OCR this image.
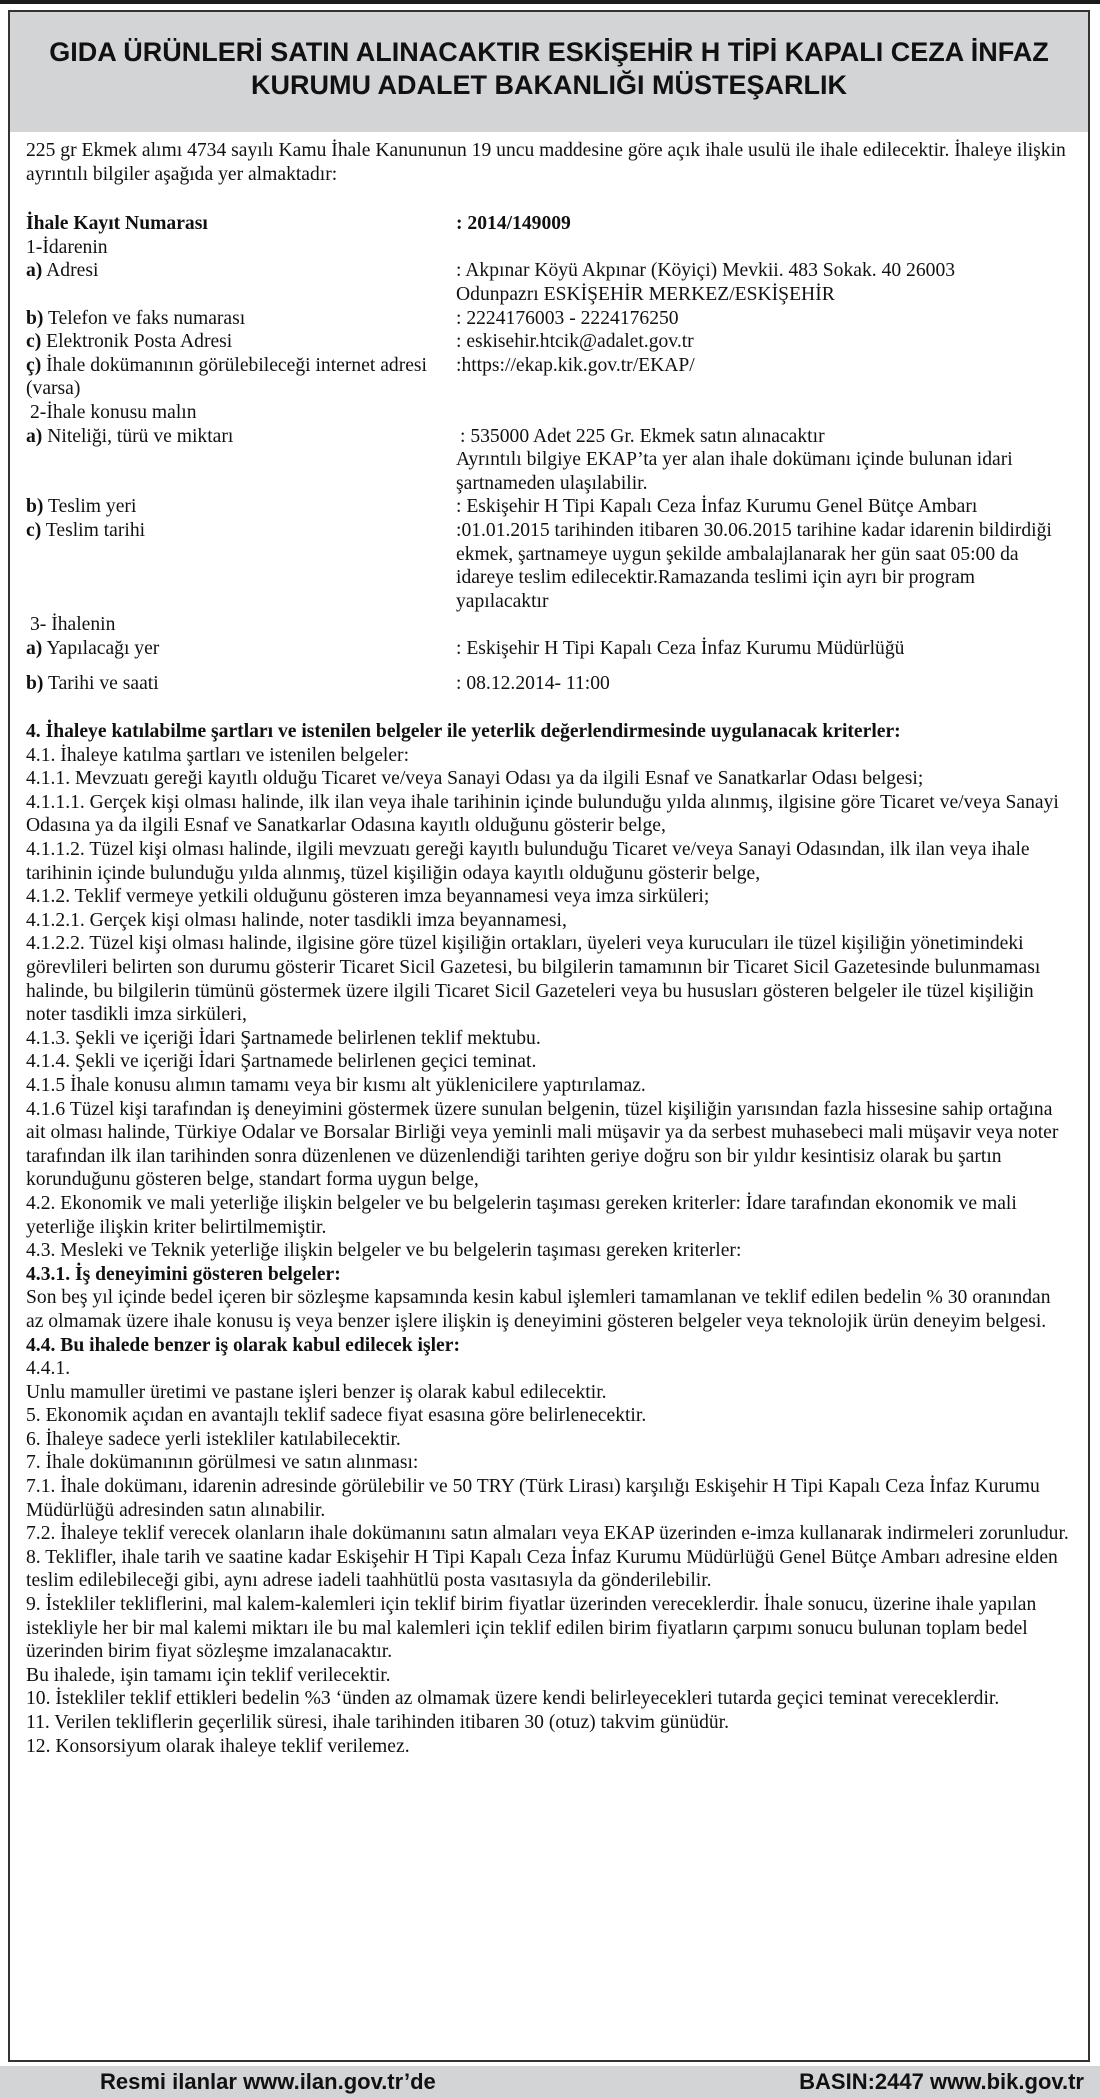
GIDA ÜRÜNLERİ SATIN ALINACAKTIR ESKİŞEHİR H TİPİ KAPALI CEZA İNFAZ
KURUMU ADALET BAKANLIĞI MÜSTEŞARLIK

225 gr Ekmek alımı 4734 sayılı Kamu İhale Kanununun 19 uncu maddesine göre açık ihale usulü ile ihale edilecektir. İhaleye ilişkin ayrıntılı bilgiler aşağıda yer almaktadır:

İhale Kayıt Numarası	: 2014/149009

1-İdarenin

a) Adresi	: Akpınar Köyü Akpınar (Köyiçi) Mevkii. 483 Sokak. 40 26003
Odunpazrı ESKİŞEHİR MERKEZ/ESKİŞEHİR
b) Telefon ve faks numarası	: 2224176003 - 2224176250
c) Elektronik Posta Adresi	: eskisehir.htcik@adalet.gov.tr
ç) İhale dokümanının görülebileceği internet adresi (varsa)
:https://ekap.kik.gov.tr/EKAP/

2-İhale konusu malın

a) Niteliği, türü ve miktarı	: 535000 Adet 225 Gr. Ekmek satın alınacaktır
Ayrıntılı bilgiye EKAP’ta yer alan ihale dokümanı içinde bulunan idari şartnameden ulaşılabilir.
b) Teslim yeri	: Eskişehir H Tipi Kapalı Ceza İnfaz Kurumu Genel Bütçe Ambarı
c) Teslim tarihi	:01.01.2015 tarihinden itibaren 30.06.2015 tarihine kadar idarenin bildirdiği ekmek, şartnameye uygun şekilde ambalajlanarak her gün saat 05:00 da idareye teslim edilecektir.Ramazanda teslimi için ayrı bir program yapılacaktır

3- İhalenin

a) Yapılacağı yer	: Eskişehir H Tipi Kapalı Ceza İnfaz Kurumu Müdürlüğü
b) Tarihi ve saati	: 08.12.2014- 11:00

4. İhaleye katılabilme şartları ve istenilen belgeler ile yeterlik değerlendirmesinde uygulanacak kriterler:

4.1. İhaleye katılma şartları ve istenilen belgeler:

4.1.1. Mevzuatı gereği kayıtlı olduğu Ticaret ve/veya Sanayi Odası ya da ilgili Esnaf ve Sanatkarlar Odası belgesi;

4.1.1.1. Gerçek kişi olması halinde, ilk ilan veya ihale tarihinin içinde bulunduğu yılda alınmış, ilgisine göre Ticaret ve/veya Sanayi Odasına ya da ilgili Esnaf ve Sanatkarlar Odasına kayıtlı olduğunu gösterir belge,

4.1.1.2. Tüzel kişi olması halinde, ilgili mevzuatı gereği kayıtlı bulunduğu Ticaret ve/veya Sanayi Odasından, ilk ilan veya ihale tarihinin içinde bulunduğu yılda alınmış, tüzel kişiliğin odaya kayıtlı olduğunu gösterir belge,

4.1.2. Teklif vermeye yetkili olduğunu gösteren imza beyannamesi veya imza sirküleri;

4.1.2.1. Gerçek kişi olması halinde, noter tasdikli imza beyannamesi,

4.1.2.2. Tüzel kişi olması halinde, ilgisine göre tüzel kişiliğin ortakları, üyeleri veya kurucuları ile tüzel kişiliğin yönetimindeki görevlileri belirten son durumu gösterir Ticaret Sicil Gazetesi, bu bilgilerin tamamının bir Ticaret Sicil Gazetesinde bulunmaması halinde, bu bilgilerin tümünü göstermek üzere ilgili Ticaret Sicil Gazeteleri veya bu hususları gösteren belgeler ile tüzel kişiliğin noter tasdikli imza sirküleri,

4.1.3. Şekli ve içeriği İdari Şartnamede belirlenen teklif mektubu.

4.1.4. Şekli ve içeriği İdari Şartnamede belirlenen geçici teminat.

4.1.5 İhale konusu alımın tamamı veya bir kısmı alt yüklenicilere yaptırılamaz.

4.1.6 Tüzel kişi tarafından iş deneyimini göstermek üzere sunulan belgenin, tüzel kişiliğin yarısından fazla hissesine sahip ortağına ait olması halinde, Türkiye Odalar ve Borsalar Birliği veya yeminli mali müşavir ya da serbest muhasebeci mali müşavir veya noter tarafından ilk ilan tarihinden sonra düzenlenen ve düzenlendiği tarihten geriye doğru son bir yıldır kesintisiz olarak bu şartın korunduğunu gösteren belge, standart forma uygun belge,

4.2. Ekonomik ve mali yeterliğe ilişkin belgeler ve bu belgelerin taşıması gereken kriterler: İdare tarafından ekonomik ve mali yeterliğe ilişkin kriter belirtilmemiştir.

4.3. Mesleki ve Teknik yeterliğe ilişkin belgeler ve bu belgelerin taşıması gereken kriterler:

4.3.1. İş deneyimini gösteren belgeler:

Son beş yıl içinde bedel içeren bir sözleşme kapsamında kesin kabul işlemleri tamamlanan ve teklif edilen bedelin % 30 oranından az olmamak üzere ihale konusu iş veya benzer işlere ilişkin iş deneyimini gösteren belgeler veya teknolojik ürün deneyim belgesi.

4.4. Bu ihalede benzer iş olarak kabul edilecek işler:

4.4.1.

Unlu mamuller üretimi ve pastane işleri benzer iş olarak kabul edilecektir.

5. Ekonomik açıdan en avantajlı teklif sadece fiyat esasına göre belirlenecektir.

6. İhaleye sadece yerli istekliler katılabilecektir.

7. İhale dokümanının görülmesi ve satın alınması:

7.1. İhale dokümanı, idarenin adresinde görülebilir ve 50 TRY (Türk Lirası) karşılığı Eskişehir H Tipi Kapalı Ceza İnfaz Kurumu Müdürlüğü adresinden satın alınabilir.

7.2. İhaleye teklif verecek olanların ihale dokümanını satın almaları veya EKAP üzerinden e-imza kullanarak indirmeleri zorunludur.

8. Teklifler, ihale tarih ve saatine kadar Eskişehir H Tipi Kapalı Ceza İnfaz Kurumu Müdürlüğü Genel Bütçe Ambarı adresine elden teslim edilebileceği gibi, aynı adrese iadeli taahhütlü posta vasıtasıyla da gönderilebilir.

9. İstekliler tekliflerini, mal kalem-kalemleri için teklif birim fiyatlar üzerinden vereceklerdir. İhale sonucu, üzerine ihale yapılan istekliyle her bir mal kalemi miktarı ile bu mal kalemleri için teklif edilen birim fiyatların çarpımı sonucu bulunan toplam bedel üzerinden birim fiyat sözleşme imzalanacaktır.

Bu ihalede, işin tamamı için teklif verilecektir.

10. İstekliler teklif ettikleri bedelin %3 ‘ünden az olmamak üzere kendi belirleyecekleri tutarda geçici teminat vereceklerdir.

11. Verilen tekliflerin geçerlilik süresi, ihale tarihinden itibaren 30 (otuz) takvim günüdür.

12. Konsorsiyum olarak ihaleye teklif verilemez.

Resmi ilanlar www.ilan.gov.tr’de	BASIN:2447 www.bik.gov.tr
